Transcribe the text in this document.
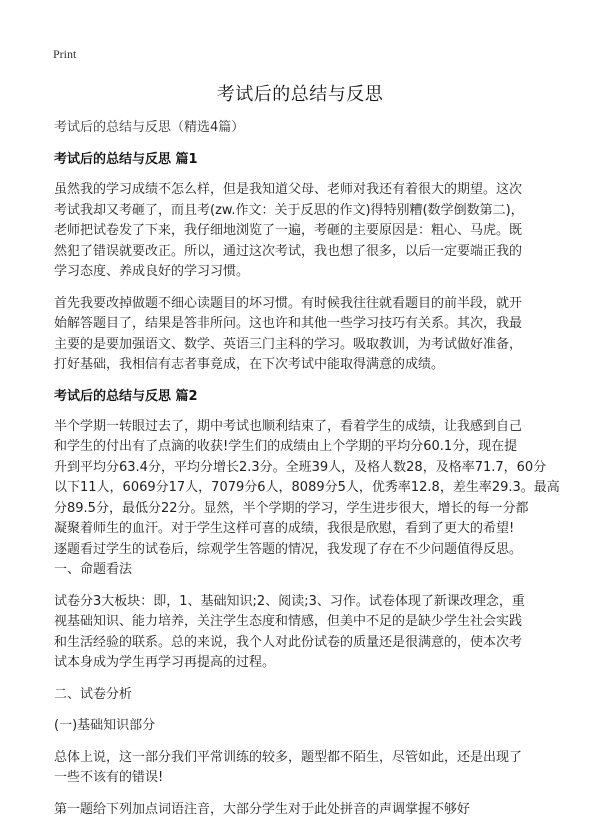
Print
考试后的总结与反思

考试后的总结与反思（精选4篇）

考试后的总结与反思 篇1

虽然我的学习成绩不怎么样，但是我知道父母、老师对我还有着很大的期望。这次
考试我却又考砸了，而且考(zw.作文：关于反思的作文)得特别糟(数学倒数第二)，
老师把试卷发了下来，我仔细地浏览了一遍，考砸的主要原因是：粗心、马虎。既
然犯了错误就要改正。所以，通过这次考试，我也想了很多，以后一定要端正我的
学习态度、养成良好的学习习惯。

首先我要改掉做题不细心读题目的坏习惯。有时候我往往就看题目的前半段，就开
始解答题目了，结果是答非所问。这也许和其他一些学习技巧有关系。其次，我最
主要的是要加强语文、数学、英语三门主科的学习。吸取教训，为考试做好准备，
打好基础，我相信有志者事竟成，在下次考试中能取得满意的成绩。

考试后的总结与反思 篇2

半个学期一转眼过去了，期中考试也顺利结束了，看着学生的成绩，让我感到自己
和学生的付出有了点滴的收获!学生们的成绩由上个学期的平均分60.1分，现在提
升到平均分63.4分，平均分增长2.3分。全班39人，及格人数28，及格率71.7，60分
以下11人，6069分17人，7079分6人，8089分5人，优秀率12.8，差生率29.3。最高
分89.5分，最低分22分。显然，半个学期的学习，学生进步很大，增长的每一分都
凝聚着师生的血汗。对于学生这样可喜的成绩，我很是欣慰，看到了更大的希望!
逐题看过学生的试卷后，综观学生答题的情况，我发现了存在不少问题值得反思。
一、命题看法

试卷分3大板块：即，1、基础知识;2、阅读;3、习作。试卷体现了新课改理念，重
视基础知识、能力培养，关注学生态度和情感，但美中不足的是缺少学生社会实践
和生活经验的联系。总的来说，我个人对此份试卷的质量还是很满意的，使本次考
试本身成为学生再学习再提高的过程。

二、试卷分析

(一)基础知识部分

总体上说，这一部分我们平常训练的较多，题型都不陌生，尽管如此，还是出现了
一些不该有的错误!

第一题给下列加点词语注音，大部分学生对于此处拼音的声调掌握不够好
